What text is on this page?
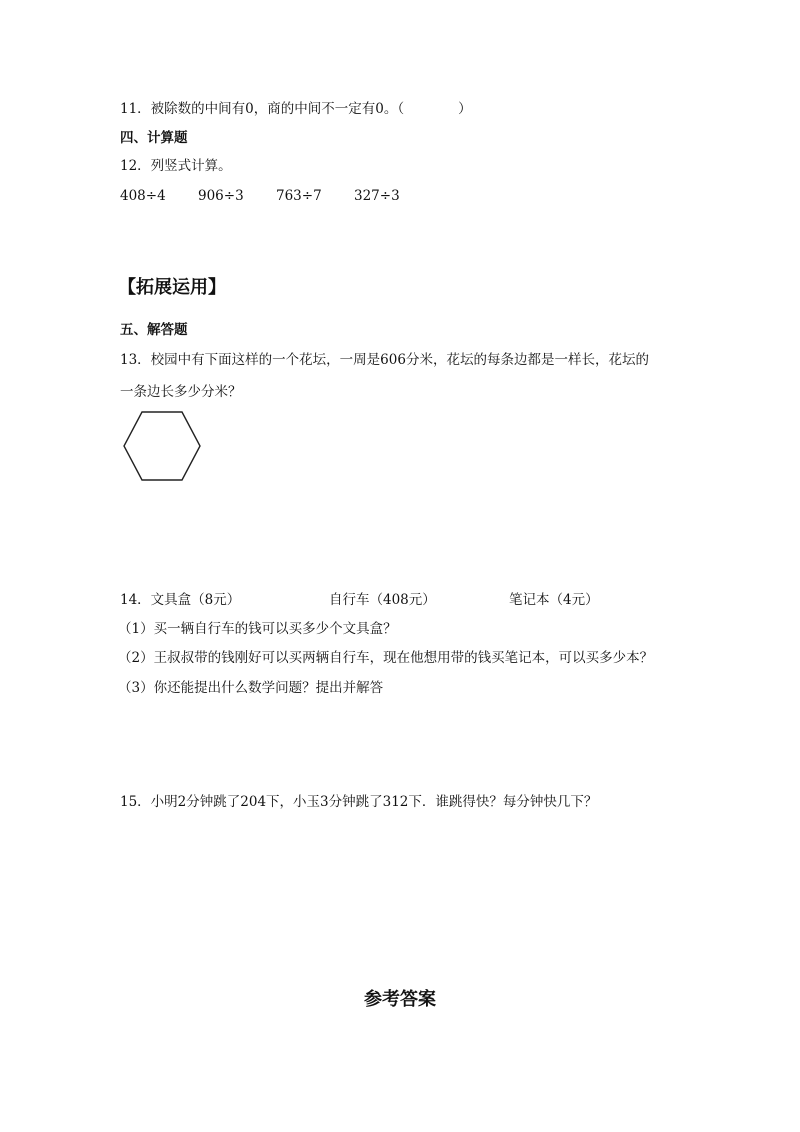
11．被除数的中间有0，商的中间不一定有0。（　　　　）
四、计算题
12．列竖式计算。
408÷4 906÷3 763÷7 327÷3
【拓展运用】
五、解答题
13．校园中有下面这样的一个花坛，一周是606分米，花坛的每条边都是一样长，花坛的
一条边长多少分米？
14．文具盒（8元）	自行车（408元）	笔记本（4元）
（1）买一辆自行车的钱可以买多少个文具盒？
（2）王叔叔带的钱刚好可以买两辆自行车，现在他想用带的钱买笔记本，可以买多少本？
（3）你还能提出什么数学问题？提出并解答
15．小明2分钟跳了204下，小玉3分钟跳了312下．谁跳得快？每分钟快几下？
参考答案
